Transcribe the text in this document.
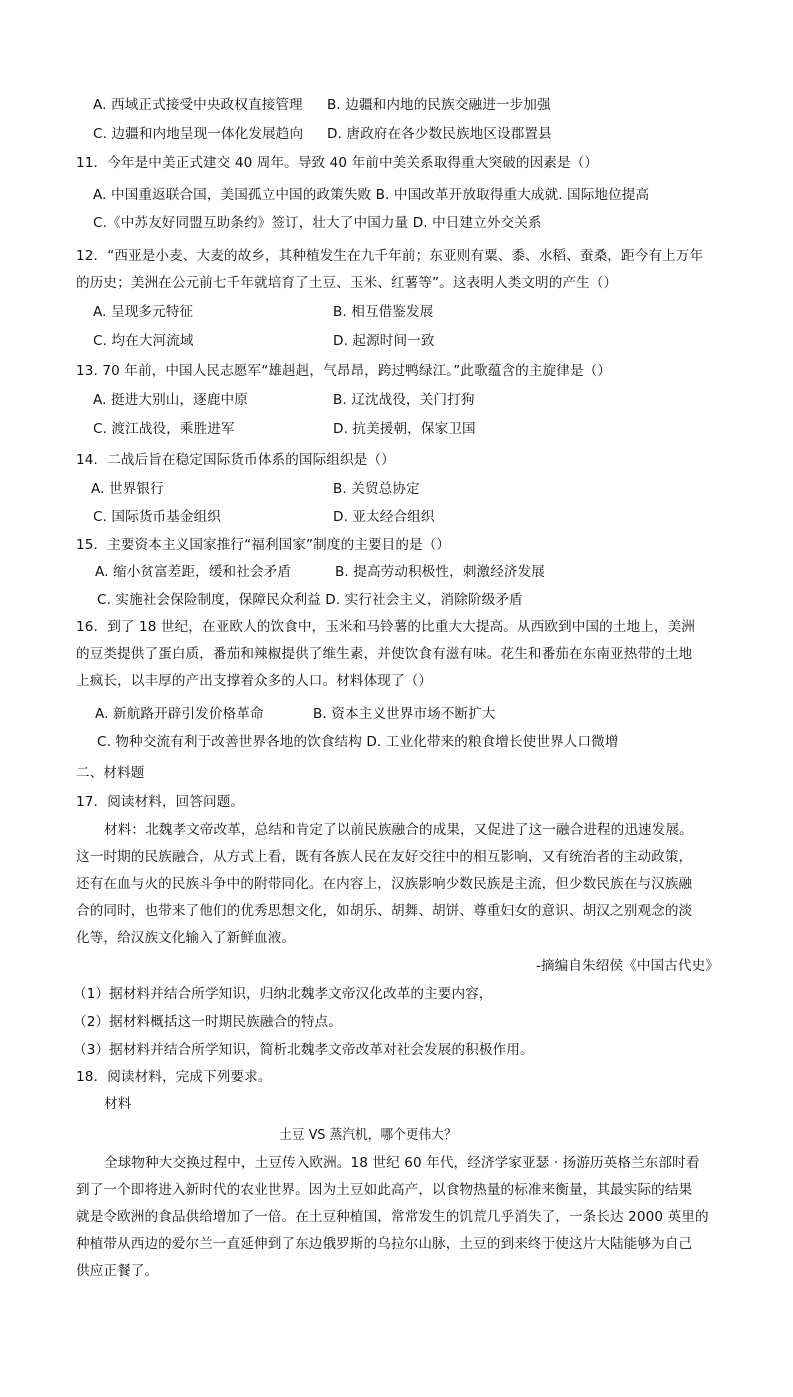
A. 西域正式接受中央政权直接管理 B. 边疆和内地的民族交融进一步加强
C. 边疆和内地呈现一体化发展趋向 D. 唐政府在各少数民族地区设郡置县
11．今年是中美正式建交 40 周年。导致 40 年前中美关系取得重大突破的因素是（）
A. 中国重返联合国，美国孤立中国的政策失败 B. 中国改革开放取得重大成就. 国际地位提高
C.《中苏友好同盟互助条约》签订，壮大了中国力量 D. 中日建立外交关系
12．“西亚是小麦、大麦的故乡，其种植发生在九千年前；东亚则有粟、黍、水稻、蚕桑，距今有上万年
的历史；美洲在公元前七千年就培育了土豆、玉米、红薯等”。这表明人类文明的产生（）
A. 呈现多元特征	B. 相互借鉴发展
C. 均在大河流域	D. 起源时间一致
13. 70 年前，中国人民志愿军“雄赳赳，气昂昂，跨过鸭绿江。”此歌蕴含的主旋律是（）
A. 挺进大别山，逐鹿中原	B. 辽沈战役，关门打狗
C. 渡江战役，乘胜进军	D. 抗美援朝，保家卫国
14．二战后旨在稳定国际货币体系的国际组织是（）
A. 世界银行	B. 关贸总协定
C. 国际货币基金组织	D. 亚太经合组织
15．主要资本主义国家推行“福利国家”制度的主要目的是（）
A. 缩小贫富差距，缓和社会矛盾	B. 提高劳动积极性，刺激经济发展
C. 实施社会保险制度，保障民众利益 D. 实行社会主义，消除阶级矛盾
16．到了 18 世纪，在亚欧人的饮食中，玉米和马铃薯的比重大大提高。从西欧到中国的土地上，美洲
的豆类提供了蛋白质，番茄和辣椒提供了维生素，并使饮食有滋有味。花生和番茄在东南亚热带的土地
上疯长，以丰厚的产出支撑着众多的人口。材料体现了（）
A. 新航路开辟引发价格革命	B. 资本主义世界市场不断扩大
C. 物种交流有利于改善世界各地的饮食结构 D. 工业化带来的粮食增长使世界人口微增
二、材料题
17．阅读材料，回答问题。
材料：北魏孝文帝改革，总结和肯定了以前民族融合的成果，又促进了这一融合进程的迅速发展。
这一时期的民族融合，从方式上看，既有各族人民在友好交往中的相互影响，又有统治者的主动政策，
还有在血与火的民族斗争中的附带同化。在内容上，汉族影响少数民族是主流，但少数民族在与汉族融
合的同时，也带来了他们的优秀思想文化，如胡乐、胡舞、胡饼、尊重妇女的意识、胡汉之别观念的淡
化等，给汉族文化输入了新鲜血液。
-摘编自朱绍侯《中国古代史》
（1）据材料并结合所学知识，归纳北魏孝文帝汉化改革的主要内容，
（2）据材料概括这一时期民族融合的特点。
（3）据材料并结合所学知识，简析北魏孝文帝改革对社会发展的积极作用。
18．阅读材料，完成下列要求。
材料
土豆 VS 蒸汽机，哪个更伟大？
全球物种大交换过程中，土豆传入欧洲。18 世纪 60 年代，经济学家亚瑟 · 扬游历英格兰东部时看
到了一个即将进入新时代的农业世界。因为土豆如此高产，以食物热量的标准来衡量，其最实际的结果
就是令欧洲的食品供给增加了一倍。在土豆种植国，常常发生的饥荒几乎消失了，一条长达 2000 英里的
种植带从西边的爱尔兰一直延伸到了东边俄罗斯的乌拉尔山脉，土豆的到来终于使这片大陆能够为自己
供应正餐了。
